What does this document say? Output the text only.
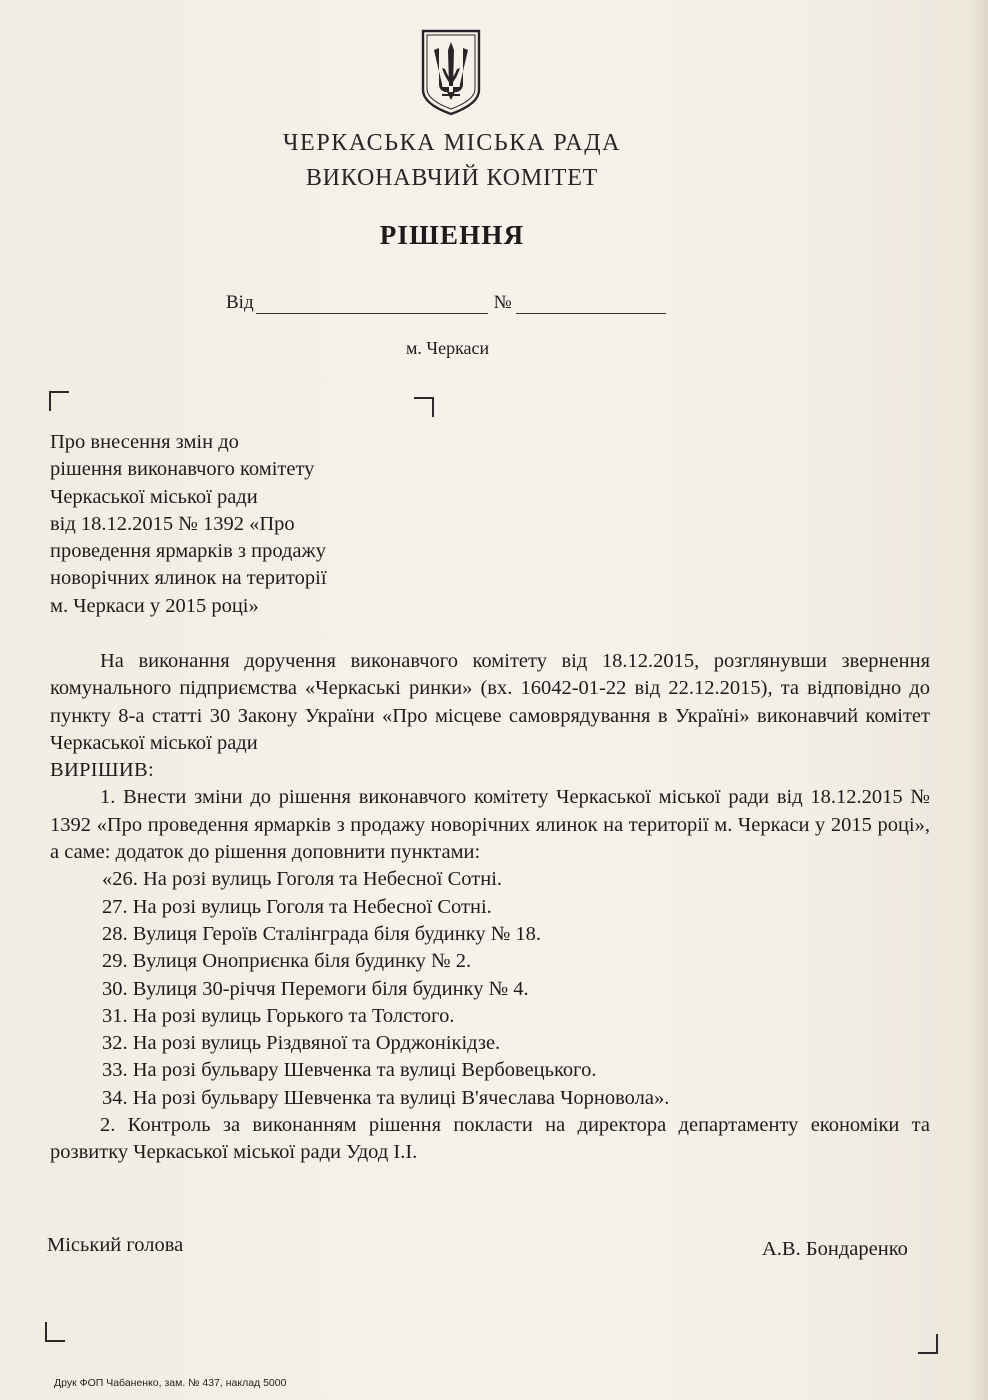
ЧЕРКАСЬКА МІСЬКА РАДА
ВИКОНАВЧИЙ КОМІТЕТ
РІШЕННЯ
Від	№
м. Черкаси
Про внесення змін до
рішення виконавчого комітету
Черкаської міської ради
від 18.12.2015 № 1392 «Про
проведення ярмарків з продажу
новорічних ялинок на території
м. Черкаси у 2015 році»
На виконання доручення виконавчого комітету від 18.12.2015, розглянувши звернення комунального підприємства «Черкаські ринки» (вх. 16042-01-22 від 22.12.2015), та відповідно до пункту 8-а статті 30 Закону України «Про місцеве самоврядування в Україні» виконавчий комітет Черкаської міської ради
ВИРІШИВ:
1. Внести зміни до рішення виконавчого комітету Черкаської міської ради від 18.12.2015 № 1392 «Про проведення ярмарків з продажу новорічних ялинок на території м. Черкаси у 2015 році», а саме: додаток до рішення доповнити пунктами:
«26. На розі вулиць Гоголя та Небесної Сотні.
27. На розі вулиць Гоголя та Небесної Сотні.
28. Вулиця Героїв Сталінграда біля будинку № 18.
29. Вулиця Оноприєнка біля будинку № 2.
30. Вулиця 30-річчя Перемоги біля будинку № 4.
31. На розі вулиць Горького та Толстого.
32. На розі вулиць Різдвяної та Орджонікідзе.
33. На розі бульвару Шевченка та вулиці Вербовецького.
34. На розі бульвару Шевченка та вулиці В'ячеслава Чорновола».
2. Контроль за виконанням рішення покласти на директора департаменту економіки та розвитку Черкаської міської ради Удод І.І.
Міський голова	А.В. Бондаренко
Друк ФОП Чабаненко, зам. № 437, наклад 5000
